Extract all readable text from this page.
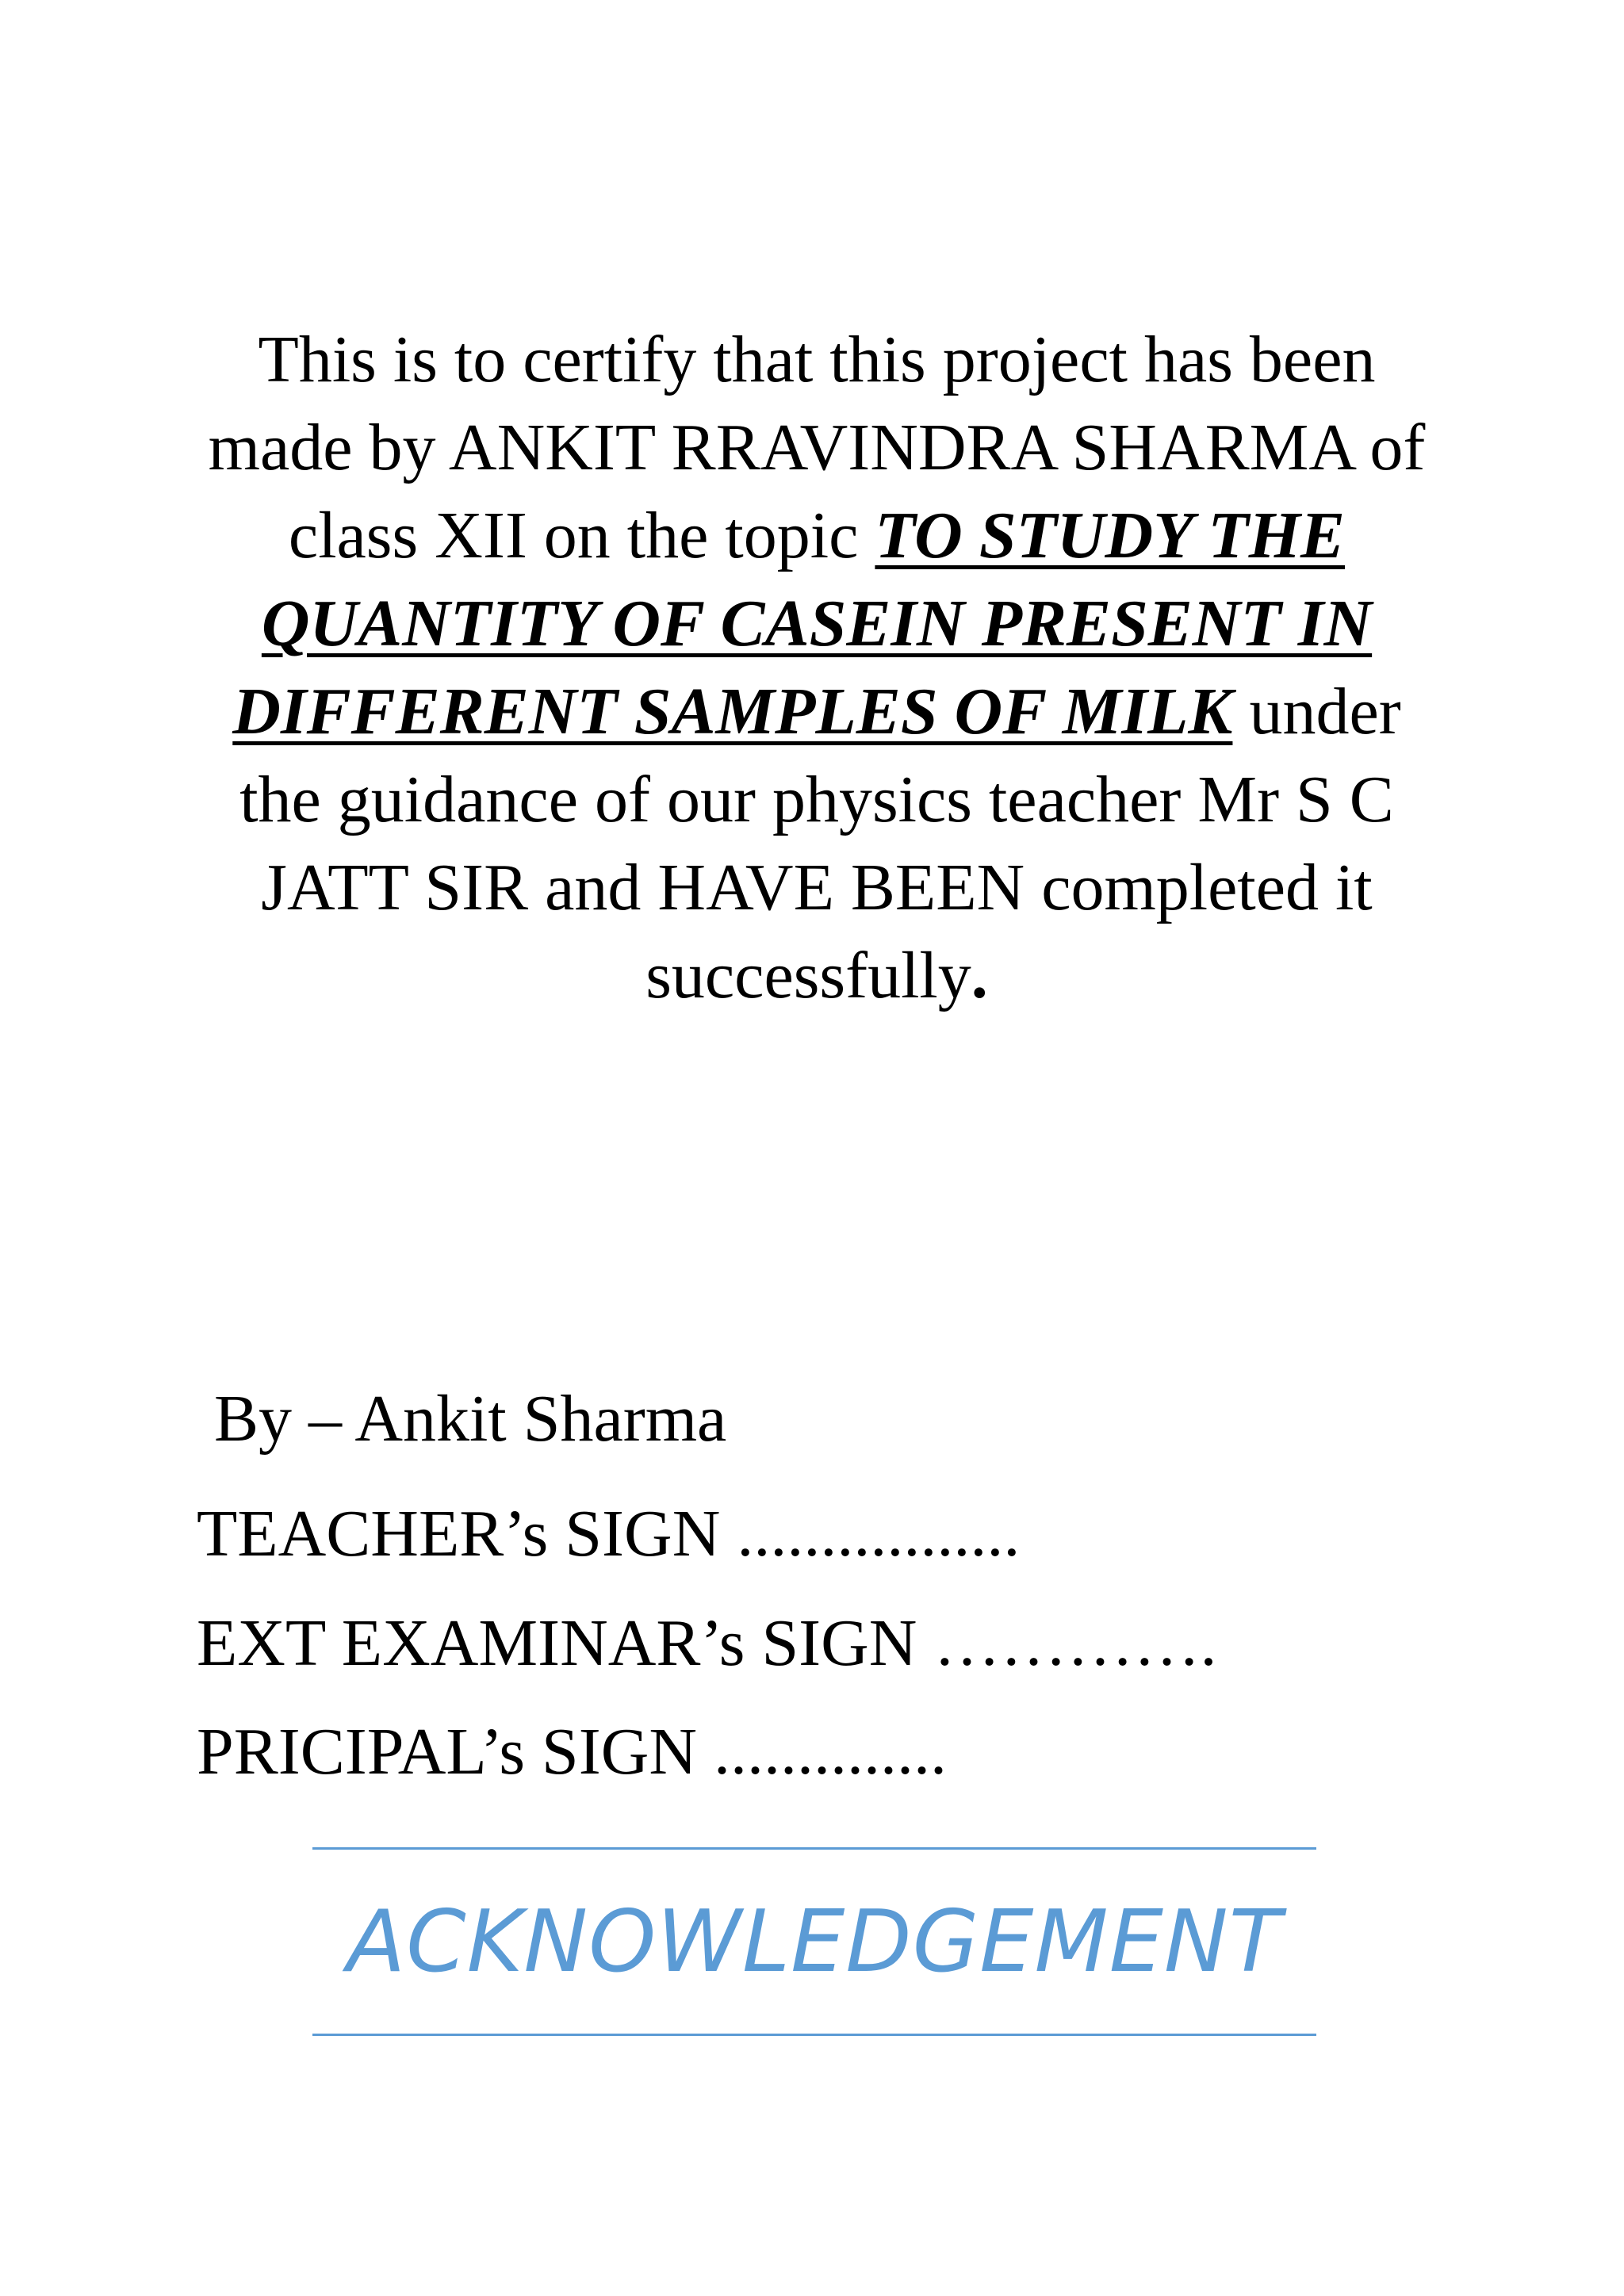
This is to certify that this project has been made by ANKIT RRAVINDRA SHARMA of class XII on the topic TO STUDY THE QUANTITY OF CASEIN PRESENT IN DIFFERENT SAMPLES OF MILK under the guidance of our physics teacher Mr S C JATT SIR and HAVE BEEN completed it successfully.
By – Ankit Sharma
TEACHER’s SIGN .................
EXT EXAMINAR’s SIGN ………….
PRICIPAL’s SIGN ..............
ACKNOWLEDGEMENT
